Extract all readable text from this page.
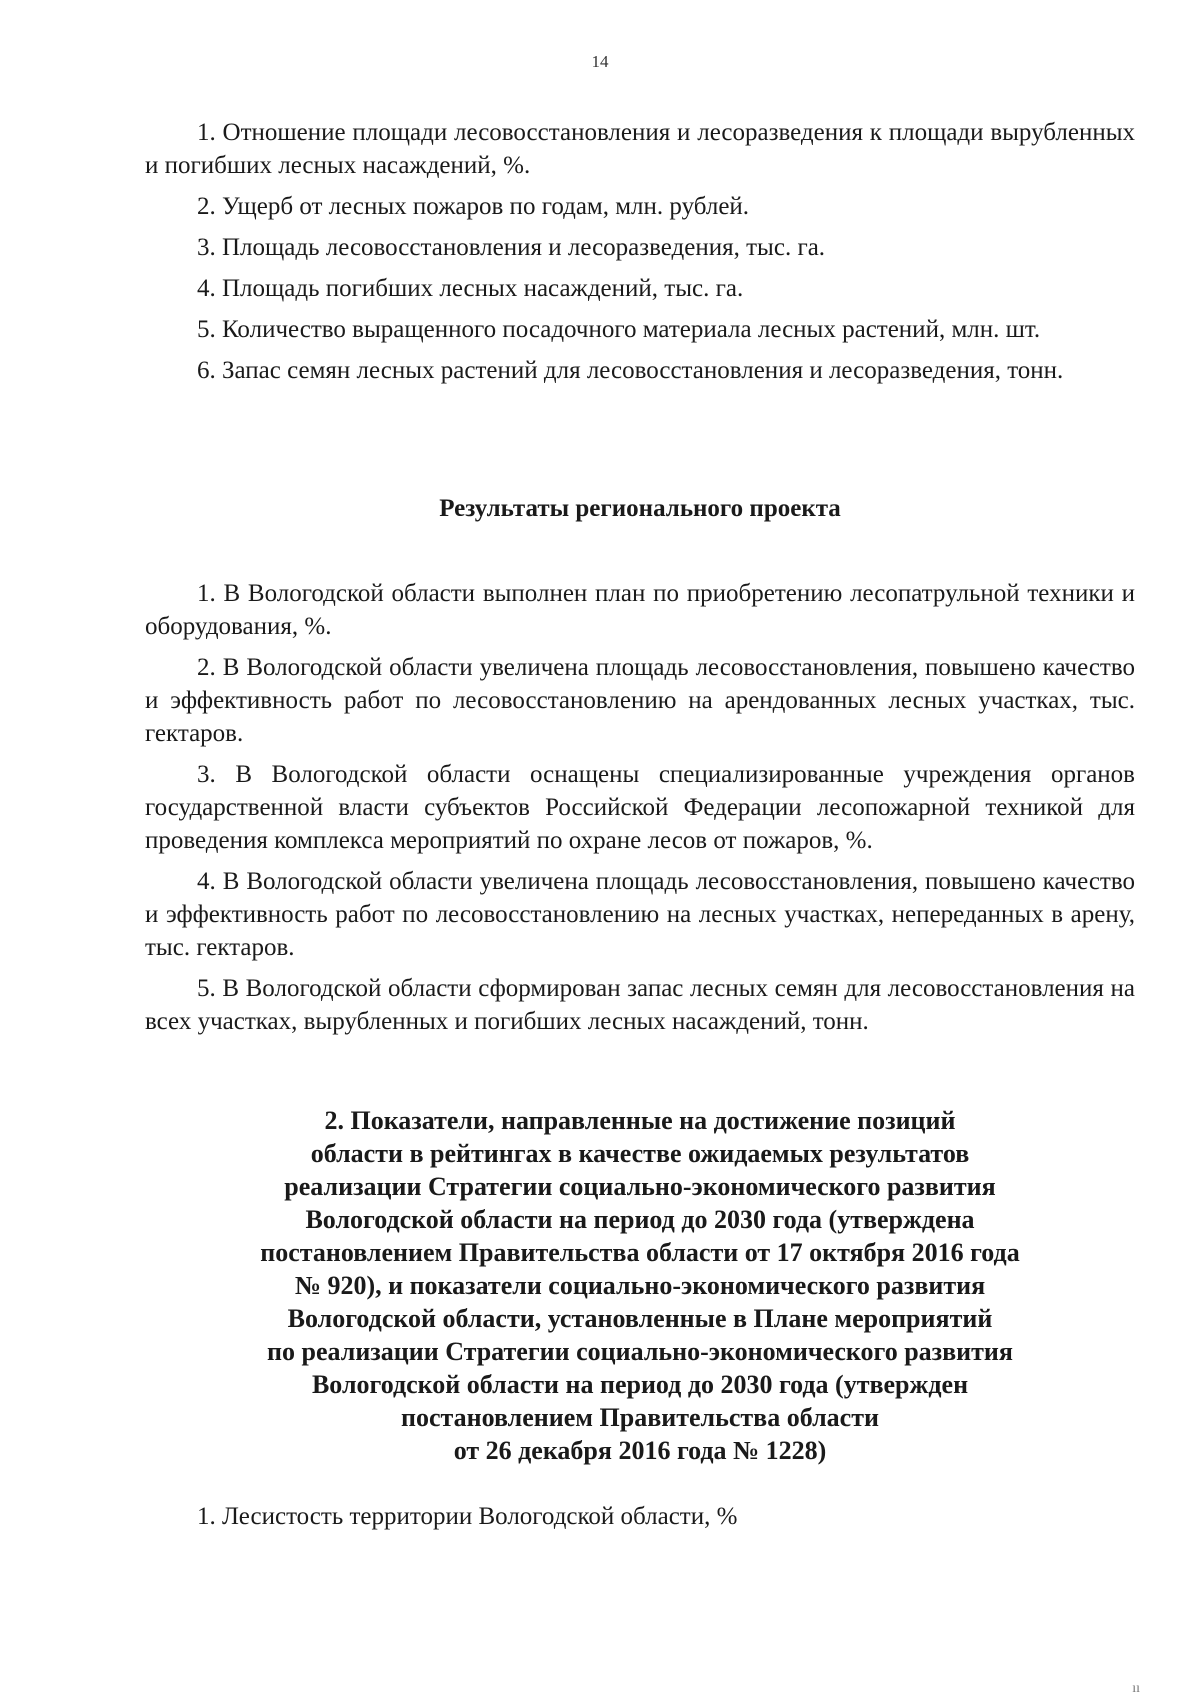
14

1. Отношение площади лесовосстановления и лесоразведения к площади вырубленных и погибших лесных насаждений, %.

2. Ущерб от лесных пожаров по годам, млн. рублей.

3. Площадь лесовосстановления и лесоразведения, тыс. га.

4. Площадь погибших лесных насаждений, тыс. га.

5. Количество выращенного посадочного материала лесных растений, млн. шт.

6. Запас семян лесных растений для лесовосстановления и лесоразведения, тонн.

Результаты регионального проекта

1. В Вологодской области выполнен план по приобретению лесопатрульной техники и оборудования, %.

2. В Вологодской области увеличена площадь лесовосстановления, повышено качество и эффективность работ по лесовосстановлению на арендованных лесных участках, тыс. гектаров.

3. В Вологодской области оснащены специализированные учреждения органов государственной власти субъектов Российской Федерации лесопожарной техникой для проведения комплекса мероприятий по охране лесов от пожаров, %.

4. В Вологодской области увеличена площадь лесовосстановления, повышено качество и эффективность работ по лесовосстановлению на лесных участках, непереданных в арену, тыс. гектаров.

5. В Вологодской области сформирован запас лесных семян для лесовосстановления на всех участках, вырубленных и погибших лесных насаждений, тонн.

2. Показатели, направленные на достижение позиций
области в рейтингах в качестве ожидаемых результатов
реализации Стратегии социально-экономического развития
Вологодской области на период до 2030 года (утверждена
постановлением Правительства области от 17 октября 2016 года
№ 920), и показатели социально-экономического развития
Вологодской области, установленные в Плане мероприятий
по реализации Стратегии социально-экономического развития
Вологодской области на период до 2030 года (утвержден
постановлением Правительства области
от 26 декабря 2016 года № 1228)

1. Лесистость территории Вологодской области, %

ıı
